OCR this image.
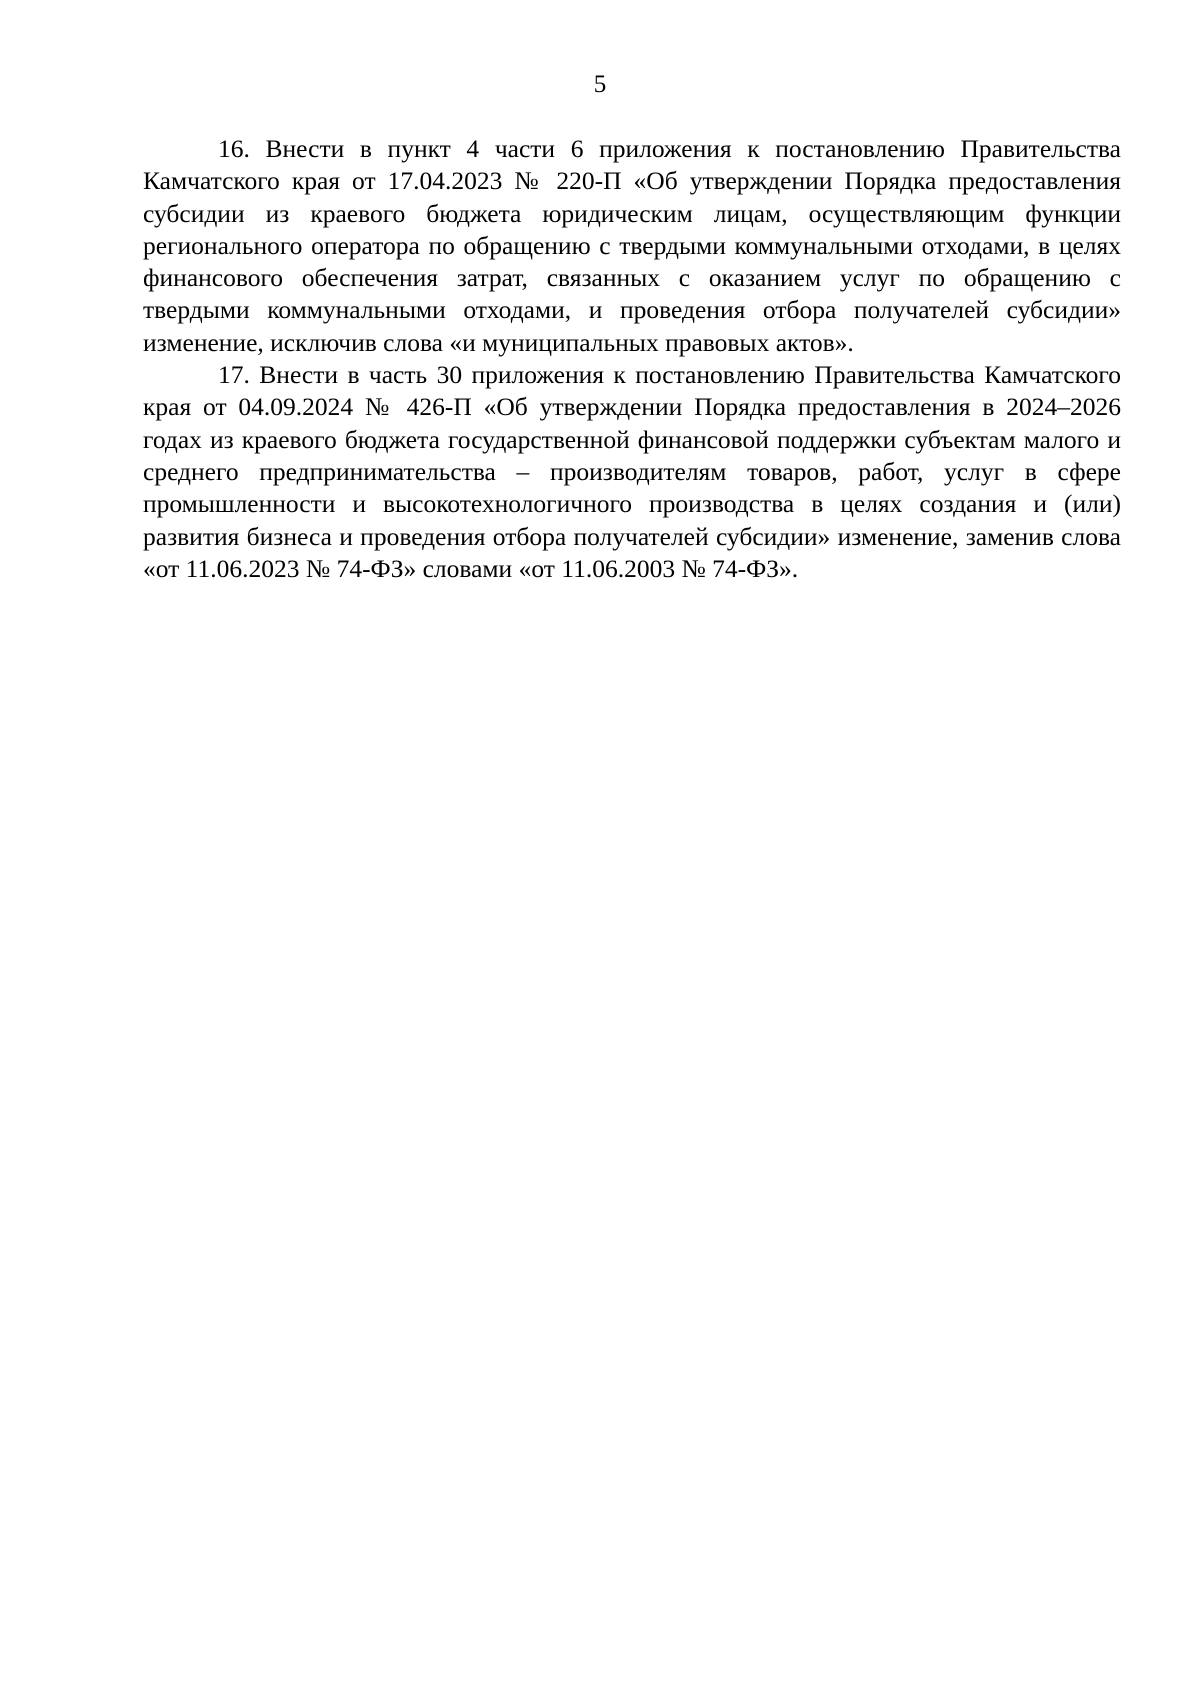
5

16. Внести в пункт 4 части 6 приложения к постановлению Правительства Камчатского края от 17.04.2023 № 220-П «Об утверждении Порядка предоставления субсидии из краевого бюджета юридическим лицам, осуществляющим функции регионального оператора по обращению с твердыми коммунальными отходами, в целях финансового обеспечения затрат, связанных с оказанием услуг по обращению с твердыми коммунальными отходами, и проведения отбора получателей субсидии» изменение, исключив слова «и муниципальных правовых актов».

17. Внести в часть 30 приложения к постановлению Правительства Камчатского края от 04.09.2024 № 426-П «Об утверждении Порядка предоставления в 2024–2026 годах из краевого бюджета государственной финансовой поддержки субъектам малого и среднего предпринимательства – производителям товаров, работ, услуг в сфере промышленности и высокотехнологичного производства в целях создания и (или) развития бизнеса и проведения отбора получателей субсидии» изменение, заменив слова «от 11.06.2023 № 74-ФЗ» словами «от 11.06.2003 № 74-ФЗ».
